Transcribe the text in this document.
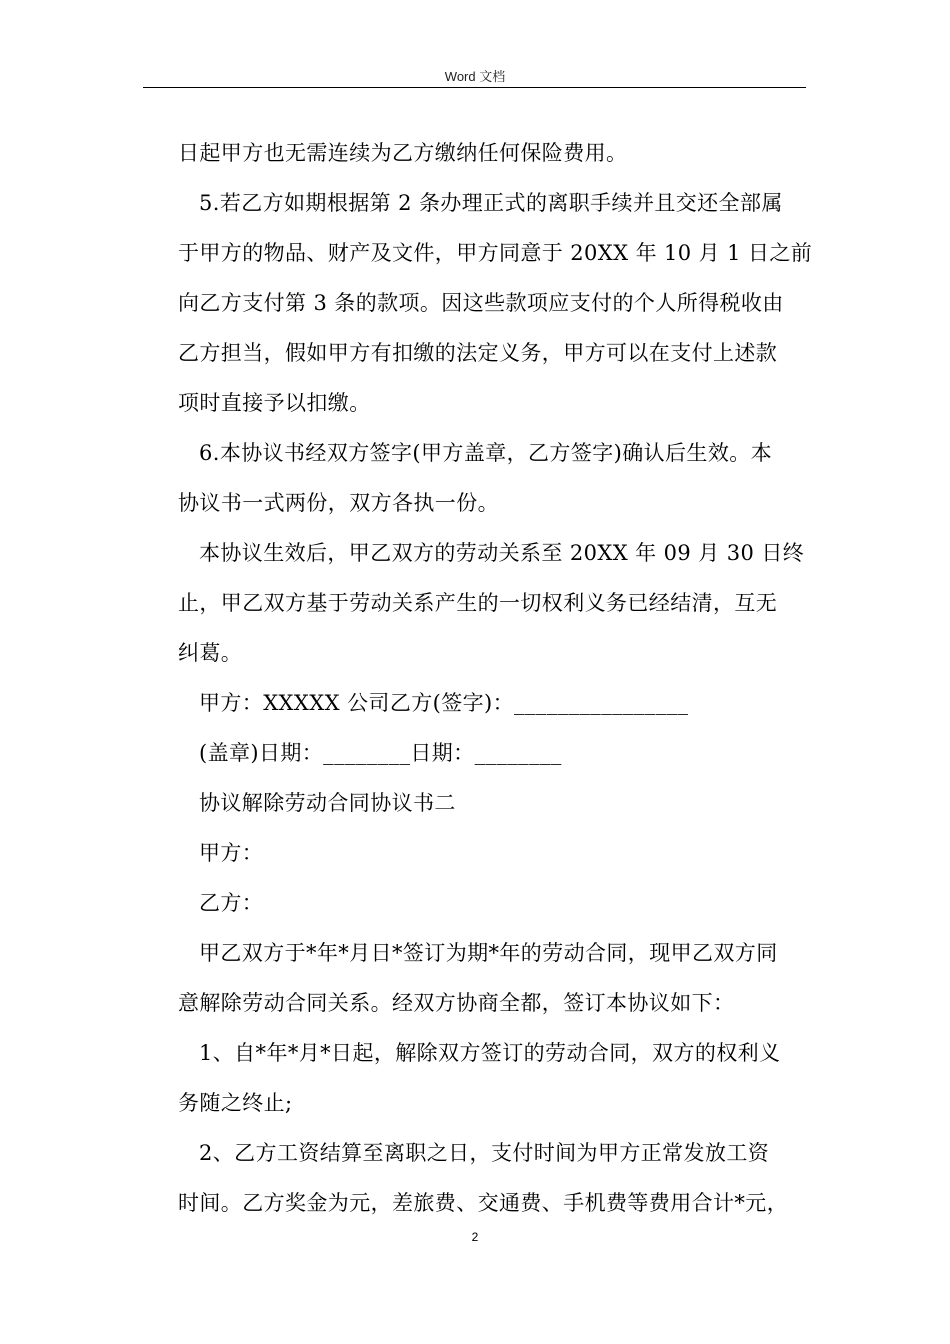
Word 文档
日起甲方也无需连续为乙方缴纳任何保险费用。
5.若乙方如期根据第 2 条办理正式的离职手续并且交还全部属
于甲方的物品、财产及文件，甲方同意于 20XX 年 10 月 1 日之前
向乙方支付第 3 条的款项。因这些款项应支付的个人所得税收由
乙方担当，假如甲方有扣缴的法定义务，甲方可以在支付上述款
项时直接予以扣缴。
6.本协议书经双方签字(甲方盖章，乙方签字)确认后生效。本
协议书一式两份，双方各执一份。
本协议生效后，甲乙双方的劳动关系至 20XX 年 09 月 30 日终
止，甲乙双方基于劳动关系产生的一切权利义务已经结清，互无
纠葛。
甲方：XXXXX 公司乙方(签字)：________________
(盖章)日期：________日期：________
协议解除劳动合同协议书二
甲方：
乙方：
甲乙双方于*年*月日*签订为期*年的劳动合同，现甲乙双方同
意解除劳动合同关系。经双方协商全都，签订本协议如下：
1、自*年*月*日起，解除双方签订的劳动合同，双方的权利义
务随之终止;
2、乙方工资结算至离职之日，支付时间为甲方正常发放工资
时间。乙方奖金为元，差旅费、交通费、手机费等费用合计*元，
2
